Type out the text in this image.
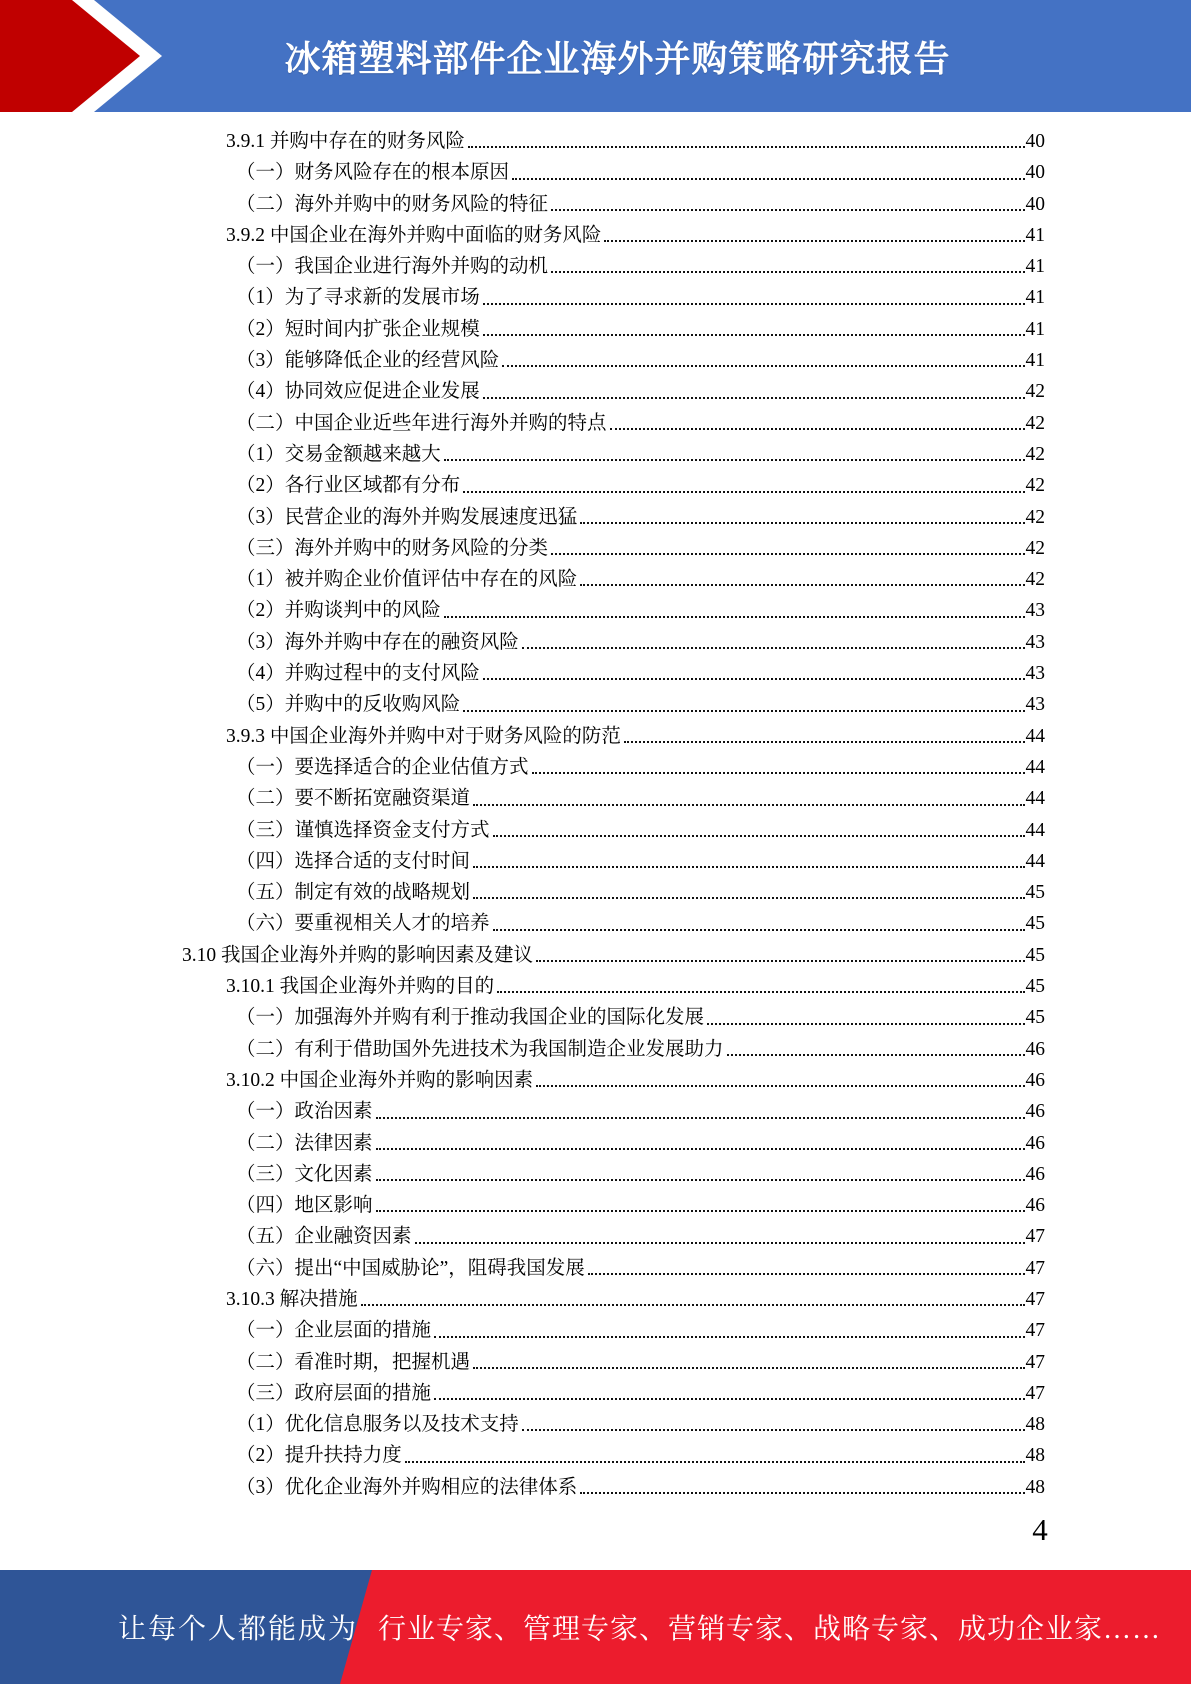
冰箱塑料部件企业海外并购策略研究报告
3.9.1 并购中存在的财务风险	40
（一）财务风险存在的根本原因	40
（二）海外并购中的财务风险的特征	40
3.9.2 中国企业在海外并购中面临的财务风险	41
（一）我国企业进行海外并购的动机	41
（1）为了寻求新的发展市场	41
（2）短时间内扩张企业规模	41
（3）能够降低企业的经营风险	41
（4）协同效应促进企业发展	42
（二）中国企业近些年进行海外并购的特点	42
（1）交易金额越来越大	42
（2）各行业区域都有分布	42
（3）民营企业的海外并购发展速度迅猛	42
（三）海外并购中的财务风险的分类	42
（1）被并购企业价值评估中存在的风险	42
（2）并购谈判中的风险	43
（3）海外并购中存在的融资风险	43
（4）并购过程中的支付风险	43
（5）并购中的反收购风险	43
3.9.3 中国企业海外并购中对于财务风险的防范	44
（一）要选择适合的企业估值方式	44
（二）要不断拓宽融资渠道	44
（三）谨慎选择资金支付方式	44
（四）选择合适的支付时间	44
（五）制定有效的战略规划	45
（六）要重视相关人才的培养	45
3.10 我国企业海外并购的影响因素及建议	45
3.10.1 我国企业海外并购的目的	45
（一）加强海外并购有利于推动我国企业的国际化发展	45
（二）有利于借助国外先进技术为我国制造企业发展助力	46
3.10.2 中国企业海外并购的影响因素	46
（一）政治因素	46
（二）法律因素	46
（三）文化因素	46
（四）地区影响	46
（五）企业融资因素	47
（六）提出“中国威胁论”，阻碍我国发展	47
3.10.3 解决措施	47
（一）企业层面的措施	47
（二）看准时期，把握机遇	47
（三）政府层面的措施	47
（1）优化信息服务以及技术支持	48
（2）提升扶持力度	48
（3）优化企业海外并购相应的法律体系	48
4
让每个人都能成为 行业专家、管理专家、营销专家、战略专家、成功企业家……
